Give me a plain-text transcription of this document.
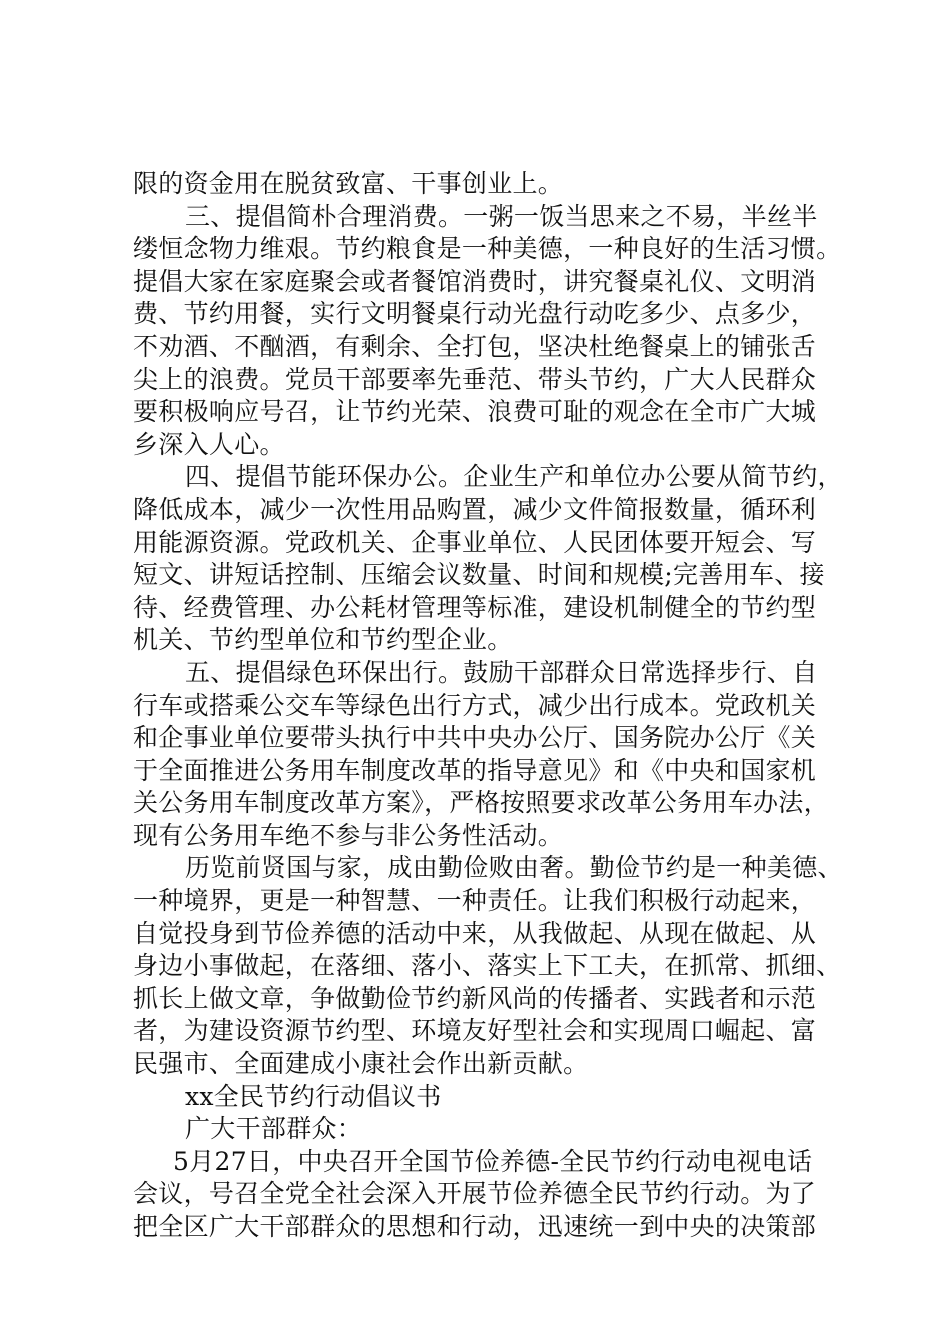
限的资金用在脱贫致富、干事创业上。
三、提倡简朴合理消费。一粥一饭当思来之不易，半丝半
缕恒念物力维艰。节约粮食是一种美德，一种良好的生活习惯。
提倡大家在家庭聚会或者餐馆消费时，讲究餐桌礼仪、文明消
费、节约用餐，实行文明餐桌行动光盘行动吃多少、点多少，
不劝酒、不酗酒，有剩余、全打包，坚决杜绝餐桌上的铺张舌
尖上的浪费。党员干部要率先垂范、带头节约，广大人民群众
要积极响应号召，让节约光荣、浪费可耻的观念在全市广大城
乡深入人心。
四、提倡节能环保办公。企业生产和单位办公要从简节约，
降低成本，减少一次性用品购置，减少文件简报数量，循环利
用能源资源。党政机关、企事业单位、人民团体要开短会、写
短文、讲短话控制、压缩会议数量、时间和规模;完善用车、接
待、经费管理、办公耗材管理等标准，建设机制健全的节约型
机关、节约型单位和节约型企业。
五、提倡绿色环保出行。鼓励干部群众日常选择步行、自
行车或搭乘公交车等绿色出行方式，减少出行成本。党政机关
和企事业单位要带头执行中共中央办公厅、国务院办公厅《关
于全面推进公务用车制度改革的指导意见》和《中央和国家机
关公务用车制度改革方案》，严格按照要求改革公务用车办法，
现有公务用车绝不参与非公务性活动。
历览前贤国与家，成由勤俭败由奢。勤俭节约是一种美德、
一种境界，更是一种智慧、一种责任。让我们积极行动起来，
自觉投身到节俭养德的活动中来，从我做起、从现在做起、从
身边小事做起，在落细、落小、落实上下工夫，在抓常、抓细、
抓长上做文章，争做勤俭节约新风尚的传播者、实践者和示范
者，为建设资源节约型、环境友好型社会和实现周口崛起、富
民强市、全面建成小康社会作出新贡献。
xx全民节约行动倡议书
广大干部群众：
5月27日，中央召开全国节俭养德-全民节约行动电视电话
会议，号召全党全社会深入开展节俭养德全民节约行动。为了
把全区广大干部群众的思想和行动，迅速统一到中央的决策部
